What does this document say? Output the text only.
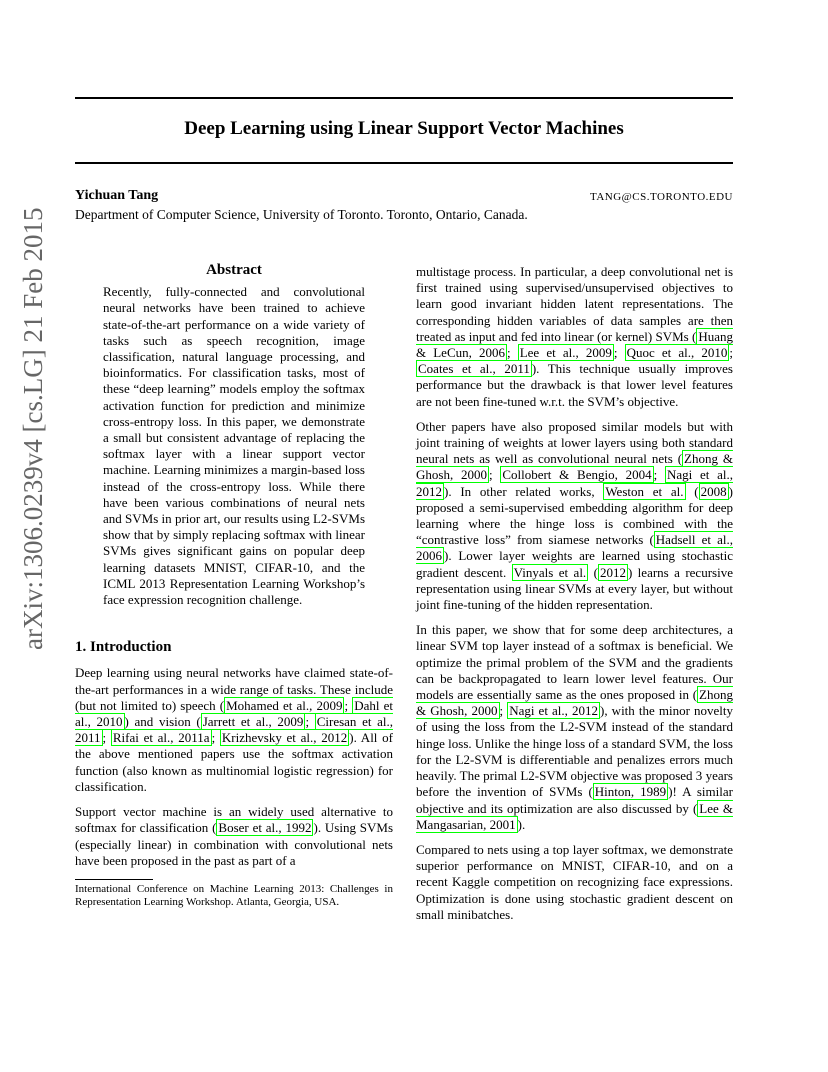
Deep Learning using Linear Support Vector Machines
Yichuan Tang	TANG@CS.TORONTO.EDU
Department of Computer Science, University of Toronto. Toronto, Ontario, Canada.
arXiv:1306.0239v4 [cs.LG] 21 Feb 2015	Abstract

Recently, fully-connected and convolutional neural networks have been trained to achieve state-of-the-art performance on a wide variety of tasks such as speech recognition, image classification, natural language processing, and bioinformatics. For classification tasks, most of these “deep learning” models employ the softmax activation function for prediction and minimize cross-entropy loss. In this paper, we demonstrate a small but consistent advantage of replacing the softmax layer with a linear support vector machine. Learning minimizes a margin-based loss instead of the cross-entropy loss. While there have been various combinations of neural nets and SVMs in prior art, our results using L2-SVMs show that by simply replacing softmax with linear SVMs gives significant gains on popular deep learning datasets MNIST, CIFAR-10, and the ICML 2013 Representation Learning Workshop’s face expression recognition challenge.

1. Introduction

Deep learning using neural networks have claimed state-of-the-art performances in a wide range of tasks. These include (but not limited to) speech ( Mohamed et al., 2009 ; Dahl et al., 2010 ) and vision ( Jarrett et al., 2009 ; Ciresan et al., 2011 ; Rifai et al., 2011a ; Krizhevsky et al., 2012 ). All of the above mentioned papers use the softmax activation function (also known as multinomial logistic regression) for classification.

Support vector machine is an widely used alternative to softmax for classification ( Boser et al., 1992 ). Using SVMs (especially linear) in combination with convolutional nets have been proposed in the past as part of a

International Conference on Machine Learning 2013: Challenges in Representation Learning Workshop. Atlanta, Georgia, USA.

multistage process. In particular, a deep convolutional net is first trained using supervised/unsupervised objectives to learn good invariant hidden latent representations. The corresponding hidden variables of data samples are then treated as input and fed into linear (or kernel) SVMs ( Huang & LeCun, 2006 ; Lee et al., 2009 ; Quoc et al., 2010 ; Coates et al., 2011 ). This technique usually improves performance but the drawback is that lower level features are not been fine-tuned w.r.t. the SVM’s objective.

Other papers have also proposed similar models but with joint training of weights at lower layers using both standard neural nets as well as convolutional neural nets ( Zhong & Ghosh, 2000 ; Collobert & Bengio, 2004 ; Nagi et al., 2012 ). In other related works, Weston et al. ( 2008 ) proposed a semi-supervised embedding algorithm for deep learning where the hinge loss is combined with the “contrastive loss” from siamese networks ( Hadsell et al., 2006 ). Lower layer weights are learned using stochastic gradient descent. Vinyals et al. ( 2012 ) learns a recursive representation using linear SVMs at every layer, but without joint fine-tuning of the hidden representation.

In this paper, we show that for some deep architectures, a linear SVM top layer instead of a softmax is beneficial. We optimize the primal problem of the SVM and the gradients can be backpropagated to learn lower level features. Our models are essentially same as the ones proposed in ( Zhong & Ghosh, 2000 ; Nagi et al., 2012 ), with the minor novelty of using the loss from the L2-SVM instead of the standard hinge loss. Unlike the hinge loss of a standard SVM, the loss for the L2-SVM is differentiable and penalizes errors much heavily. The primal L2-SVM objective was proposed 3 years before the invention of SVMs ( Hinton, 1989 )! A similar objective and its optimization are also discussed by ( Lee & Mangasarian, 2001 ).

Compared to nets using a top layer softmax, we demonstrate superior performance on MNIST, CIFAR-10, and on a recent Kaggle competition on recognizing face expressions. Optimization is done using stochastic gradient descent on small minibatches.
